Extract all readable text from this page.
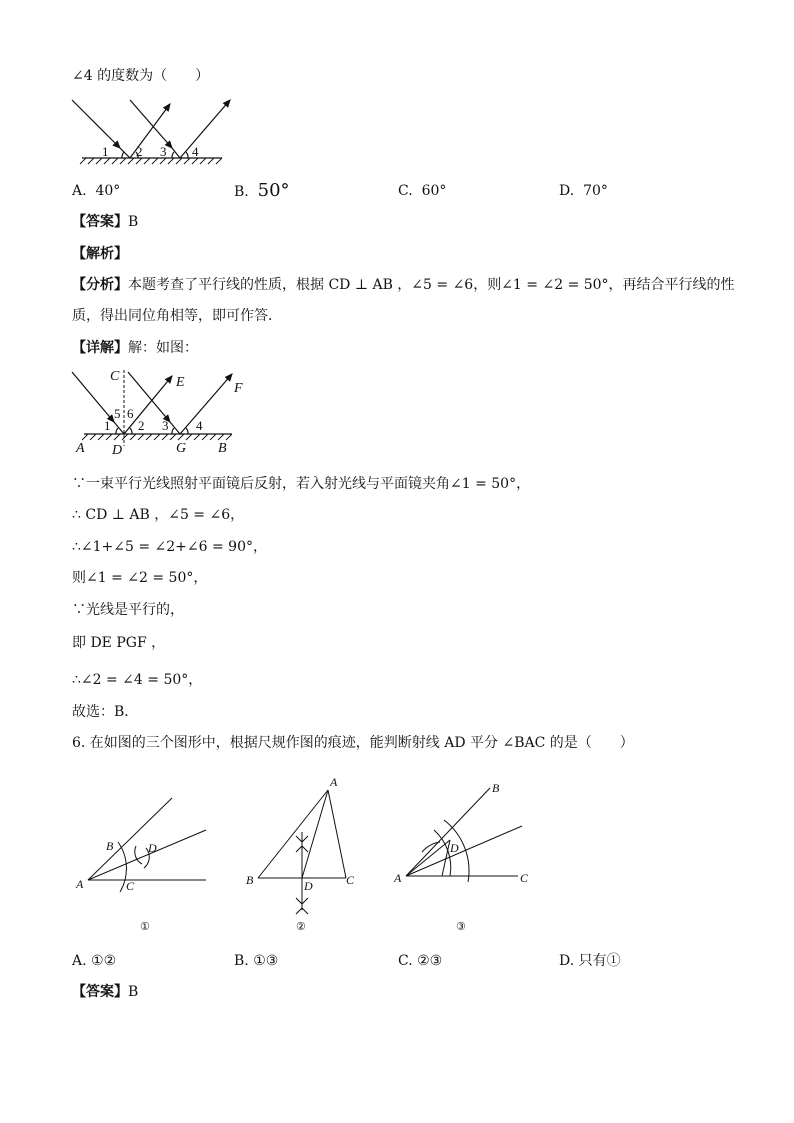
∠4 的度数为（　　）
1 2 3 4
A. 40°	B. 50°	C. 60°	D. 70°
【答案】B
【解析】
【分析】本题考查了平行线的性质，根据 CD ⊥ AB ，∠5 = ∠6，则∠1 = ∠2 = 50°，再结合平行线的性
质，得出同位角相等，即可作答．
【详解】解：如图：
C	E	F
5 6
1 2 3 4
A D	G B
∵一束平行光线照射平面镜后反射，若入射光线与平面镜夹角∠1 = 50°，
∴ CD ⊥ AB ，∠5 = ∠6，
∴∠1+∠5 = ∠2+∠6 = 90°，
则∠1 = ∠2 = 50°，
∵光线是平行的，
即 DE PGF ，
∴∠2 = ∠4 = 50°，
故选：B．
6. 在如图的三个图形中，根据尺规作图的痕迹，能判断射线 AD 平分 ∠BAC 的是（　　）
B	D
A	C
①
A
B	D	C
②
B
D
A	C
③
A. ①②	B. ①③	C. ②③	D. 只有①
【答案】B
